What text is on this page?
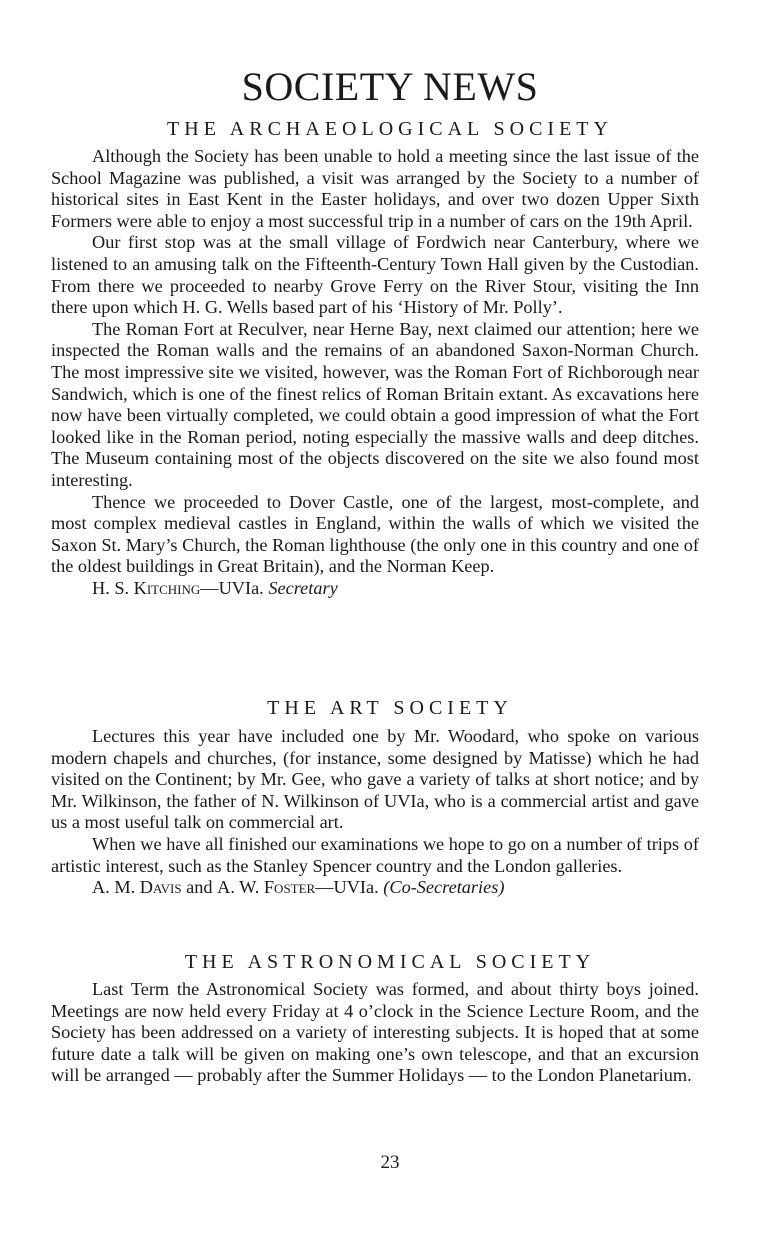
SOCIETY NEWS
THE ARCHAEOLOGICAL SOCIETY

Although the Society has been unable to hold a meeting since the last issue of the School Magazine was published, a visit was arranged by the Society to a number of historical sites in East Kent in the Easter holidays, and over two dozen Upper Sixth Formers were able to enjoy a most successful trip in a number of cars on the 19th April.

Our first stop was at the small village of Fordwich near Canterbury, where we listened to an amusing talk on the Fifteenth-Century Town Hall given by the Custodian. From there we proceeded to nearby Grove Ferry on the River Stour, visiting the Inn there upon which H. G. Wells based part of his ‘History of Mr. Polly’.

The Roman Fort at Reculver, near Herne Bay, next claimed our attention; here we inspected the Roman walls and the remains of an abandoned Saxon-Norman Church. The most impressive site we visited, however, was the Roman Fort of Richborough near Sandwich, which is one of the finest relics of Roman Britain extant. As excavations here now have been virtually completed, we could obtain a good impression of what the Fort looked like in the Roman period, noting especially the massive walls and deep ditches. The Museum containing most of the objects discovered on the site we also found most interesting.

Thence we proceeded to Dover Castle, one of the largest, most-complete, and most complex medieval castles in England, within the walls of which we visited the Saxon St. Mary’s Church, the Roman lighthouse (the only one in this country and one of the oldest buildings in Great Britain), and the Norman Keep.

H. S. Kitching—UVIa. Secretary

THE ART SOCIETY

Lectures this year have included one by Mr. Woodard, who spoke on various modern chapels and churches, (for instance, some designed by Matisse) which he had visited on the Continent; by Mr. Gee, who gave a variety of talks at short notice; and by Mr. Wilkinson, the father of N. Wilkinson of UVIa, who is a commercial artist and gave us a most useful talk on commercial art.

When we have all finished our examinations we hope to go on a number of trips of artistic interest, such as the Stanley Spencer country and the London galleries.

A. M. Davis and A. W. Foster—UVIa. (Co-Secretaries)

THE ASTRONOMICAL SOCIETY

Last Term the Astronomical Society was formed, and about thirty boys joined. Meetings are now held every Friday at 4 o’clock in the Science Lecture Room, and the Society has been addressed on a variety of interesting subjects. It is hoped that at some future date a talk will be given on making one’s own telescope, and that an excursion will be arranged — probably after the Summer Holidays — to the London Planetarium.

23
